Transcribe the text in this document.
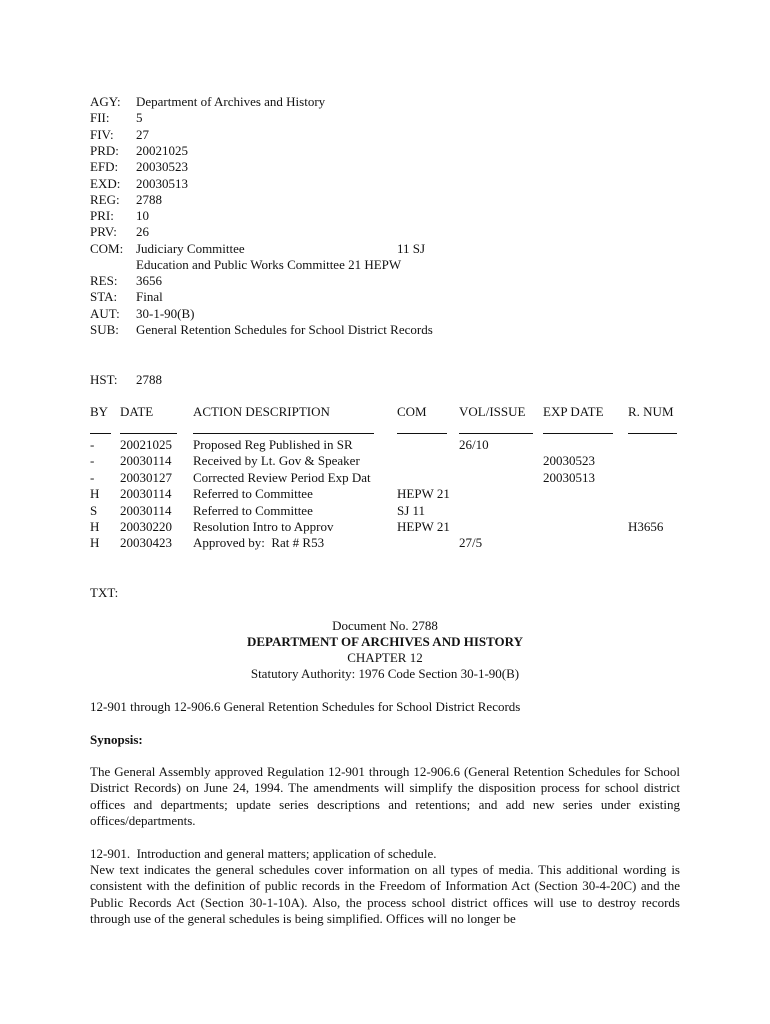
AGY: Department of Archives and History
FII: 5
FIV: 27
PRD: 20021025
EFD: 20030523
EXD: 20030513
REG: 2788
PRI: 10
PRV: 26
COM: Judiciary Committee	11 SJ
Education and Public Works Committee 21 HEPW
RES: 3656
STA: Final
AUT: 30-1-90(B)
SUB: General Retention Schedules for School District Records
HST: 2788
BY DATE	ACTION DESCRIPTION	COM VOL/ISSUE EXP DATE R. NUM
- 20021025 Proposed Reg Published in SR	26/10
- 20030114 Received by Lt. Gov & Speaker	20030523
- 20030127 Corrected Review Period Exp Dat	20030513
H 20030114 Referred to Committee	HEPW 21
S 20030114 Referred to Committee	SJ 11
H 20030220 Resolution Intro to Approv	HEPW 21	H3656
H 20030423 Approved by:  Rat # R53	27/5
TXT:
Document No. 2788
DEPARTMENT OF ARCHIVES AND HISTORY
CHAPTER 12
Statutory Authority: 1976 Code Section 30-1-90(B)
12-901 through 12-906.6 General Retention Schedules for School District Records
Synopsis:
The General Assembly approved Regulation 12-901 through 12-906.6 (General Retention Schedules for School District Records) on June 24, 1994. The amendments will simplify the disposition process for school district offices and departments; update series descriptions and retentions; and add new series under existing offices/departments.
12-901.  Introduction and general matters; application of schedule.
New text indicates the general schedules cover information on all types of media. This additional wording is consistent with the definition of public records in the Freedom of Information Act (Section 30-4-20C) and the Public Records Act (Section 30-1-10A). Also, the process school district offices will use to destroy records through use of the general schedules is being simplified. Offices will no longer be
